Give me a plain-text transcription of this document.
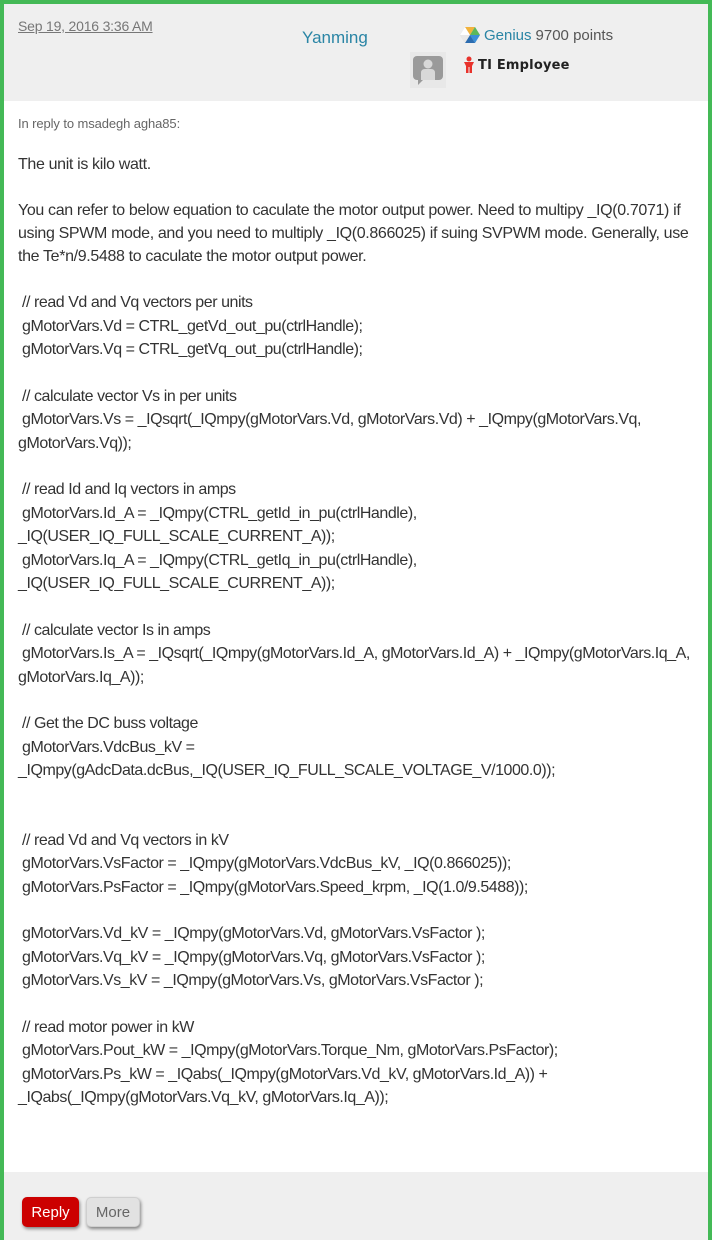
Sep 19, 2016 3:36 AM
Yanming	Genius 9700 points
TI Employee
In reply to msadegh agha85:

The unit is kilo watt.

You can refer to below equation to caculate the motor output power. Need to multipy _IQ(0.7071) if using SPWM mode, and you need to multiply _IQ(0.866025) if suing SVPWM mode. Generally, use the Te*n/9.5488 to caculate the motor output power.

// read Vd and Vq vectors per units
gMotorVars.Vd = CTRL_getVd_out_pu(ctrlHandle);
gMotorVars.Vq = CTRL_getVq_out_pu(ctrlHandle);
// calculate vector Vs in per units
gMotorVars.Vs = _IQsqrt(_IQmpy(gMotorVars.Vd, gMotorVars.Vd) + _IQmpy(gMotorVars.Vq, gMotorVars.Vq));
// read Id and Iq vectors in amps
gMotorVars.Id_A = _IQmpy(CTRL_getId_in_pu(ctrlHandle), _IQ(USER_IQ_FULL_SCALE_CURRENT_A));
gMotorVars.Iq_A = _IQmpy(CTRL_getIq_in_pu(ctrlHandle), _IQ(USER_IQ_FULL_SCALE_CURRENT_A));
// calculate vector Is in amps
gMotorVars.Is_A = _IQsqrt(_IQmpy(gMotorVars.Id_A, gMotorVars.Id_A) + _IQmpy(gMotorVars.Iq_A, gMotorVars.Iq_A));
// Get the DC buss voltage
gMotorVars.VdcBus_kV = _IQmpy(gAdcData.dcBus,_IQ(USER_IQ_FULL_SCALE_VOLTAGE_V/1000.0));
// read Vd and Vq vectors in kV
gMotorVars.VsFactor = _IQmpy(gMotorVars.VdcBus_kV, _IQ(0.866025));
gMotorVars.PsFactor = _IQmpy(gMotorVars.Speed_krpm, _IQ(1.0/9.5488));
gMotorVars.Vd_kV = _IQmpy(gMotorVars.Vd, gMotorVars.VsFactor );
gMotorVars.Vq_kV = _IQmpy(gMotorVars.Vq, gMotorVars.VsFactor );
gMotorVars.Vs_kV = _IQmpy(gMotorVars.Vs, gMotorVars.VsFactor );
// read motor power in kW
gMotorVars.Pout_kW = _IQmpy(gMotorVars.Torque_Nm, gMotorVars.PsFactor);
gMotorVars.Ps_kW = _IQabs(_IQmpy(gMotorVars.Vd_kV, gMotorVars.Id_A)) + _IQabs(_IQmpy(gMotorVars.Vq_kV, gMotorVars.Iq_A));
Reply	More
